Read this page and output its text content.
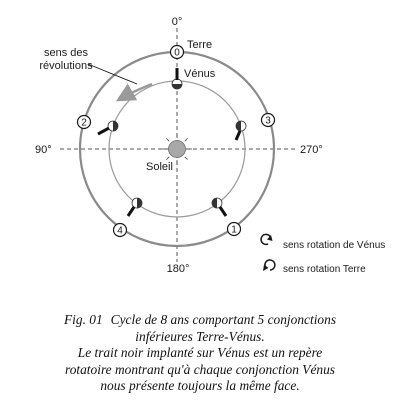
0
2	3
4	1
0°
90°	270°
180°
Terre
Vénus
Soleil
sens des
révolutions
sens rotation de Vénus
sens rotation Terre
Fig. 01 Cycle de 8 ans comportant 5 conjonctions
inférieures Terre-Vénus.
Le trait noir implanté sur Vénus est un repère
rotatoire montrant qu'à chaque conjonction Vénus
nous présente toujours la même face.
